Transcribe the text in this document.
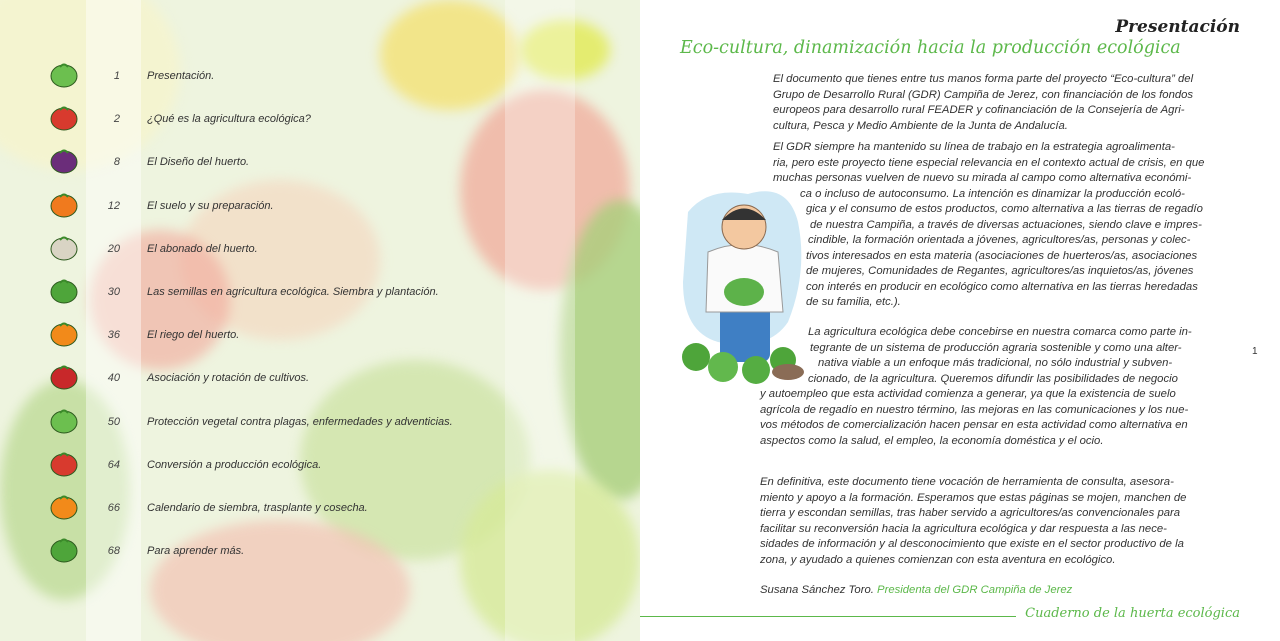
1 Presentación.
2 ¿Qué es la agricultura ecológica?
8 El Diseño del huerto.
12 El suelo y su preparación.
20 El abonado del huerto.
30 Las semillas en agricultura ecológica. Siembra y plantación.
36 El riego del huerto.
40 Asociación y rotación de cultivos.
50 Protección vegetal contra plagas, enfermedades y adventicias.
64 Conversión a producción ecológica.
66 Calendario de siembra, trasplante y cosecha.
68 Para aprender más.
Presentación
Eco-cultura, dinamización hacia la producción ecológica
El documento que tienes entre tus manos forma parte del proyecto “Eco-cultura” del
Grupo de Desarrollo Rural (GDR) Campiña de Jerez, con financiación de los fondos
europeos para desarrollo rural FEADER y cofinanciación de la Consejería de Agri-
cultura, Pesca y Medio Ambiente de la Junta de Andalucía.
El GDR siempre ha mantenido su línea de trabajo en la estrategia agroalimenta-
ria, pero este proyecto tiene especial relevancia en el contexto actual de crisis, en que
muchas personas vuelven de nuevo su mirada al campo como alternativa económi-
ca o incluso de autoconsumo. La intención es dinamizar la producción ecoló-
gica y el consumo de estos productos, como alternativa a las tierras de regadío
de nuestra Campiña, a través de diversas actuaciones, siendo clave e impres-
cindible, la formación orientada a jóvenes, agricultores/as, personas y colec-
tivos interesados en esta materia (asociaciones de huerteros/as, asociaciones
de mujeres, Comunidades de Regantes, agricultores/as inquietos/as, jóvenes
con interés en producir en ecológico como alternativa en las tierras heredadas
de su familia, etc.).
La agricultura ecológica debe concebirse en nuestra comarca como parte in-
tegrante de un sistema de producción agraria sostenible y como una alter-
nativa viable a un enfoque más tradicional, no sólo industrial y subven-
cionado, de la agricultura. Queremos difundir las posibilidades de negocio
y autoempleo que esta actividad comienza a generar, ya que la existencia de suelo
agrícola de regadío en nuestro término, las mejoras en las comunicaciones y los nue-
vos métodos de comercialización hacen pensar en esta actividad como alternativa en
aspectos como la salud, el empleo, la economía doméstica y el ocio.
En definitiva, este documento tiene vocación de herramienta de consulta, asesora-
miento y apoyo a la formación. Esperamos que estas páginas se mojen, manchen de
tierra y escondan semillas, tras haber servido a agricultores/as convencionales para
facilitar su reconversión hacia la agricultura ecológica y dar respuesta a las nece-
sidades de información y al desconocimiento que existe en el sector productivo de la
zona, y ayudado a quienes comienzan con esta aventura en ecológico.
Susana Sánchez Toro. Presidenta del GDR Campiña de Jerez
1
Cuaderno de la huerta ecológica
